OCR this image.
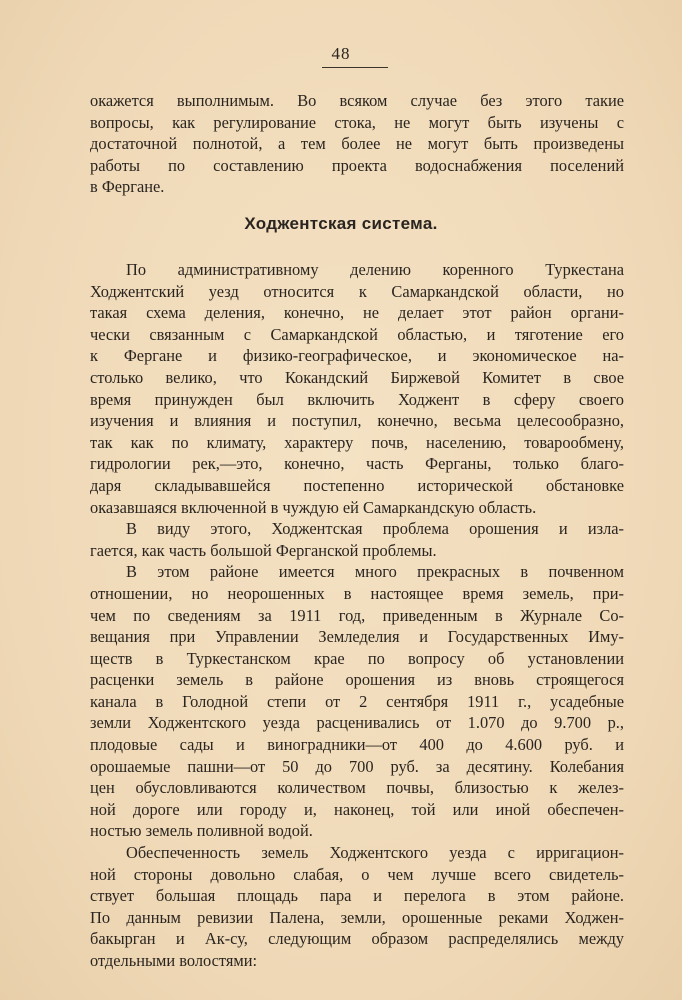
48

окажется выполнимым. Во всяком случае без этого такие

вопросы, как регулирование стока, не могут быть изучены с

достаточной полнотой, а тем более не могут быть произведены

работы по составлению проекта водоснабжения поселений

в Фергане.

Ходжентская система.

По административному делению коренного Туркестана

Ходжентский уезд относится к Самаркандской области, но

такая схема деления, конечно, не делает этот район органи-

чески связанным с Самаркандской областью, и тяготение его

к Фергане и физико-географическое, и экономическое на-

столько велико, что Кокандский Биржевой Комитет в свое

время принужден был включить Ходжент в сферу своего

изучения и влияния и поступил, конечно, весьма целесообразно,

так как по климату, характеру почв, населению, товарообмену,

гидрологии рек,—это, конечно, часть Ферганы, только благо-

даря складывавшейся постепенно исторической обстановке

оказавшаяся включенной в чуждую ей Самаркандскую область.

В виду этого, Ходжентская проблема орошения и изла-

гается, как часть большой Ферганской проблемы.

В этом районе имеется много прекрасных в почвенном

отношении, но неорошенных в настоящее время земель, при-

чем по сведениям за 1911 год, приведенным в Журнале Со-

вещания при Управлении Земледелия и Государственных Иму-

ществ в Туркестанском крае по вопросу об установлении

расценки земель в районе орошения из вновь строящегося

канала в Голодной степи от 2 сентября 1911 г., усадебные

земли Ходжентского уезда расценивались от 1.070 до 9.700 р.,

плодовые сады и виноградники—от 400 до 4.600 руб. и

орошаемые пашни—от 50 до 700 руб. за десятину. Колебания

цен обусловливаются количеством почвы, близостью к желез-

ной дороге или городу и, наконец, той или иной обеспечен-

ностью земель поливной водой.

Обеспеченность земель Ходжентского уезда с ирригацион-

ной стороны довольно слабая, о чем лучше всего свидетель-

ствует большая площадь пара и перелога в этом районе.

По данным ревизии Палена, земли, орошенные реками Ходжен-

бакырган и Ак-су, следующим образом распределялись между

отдельными волостями:
